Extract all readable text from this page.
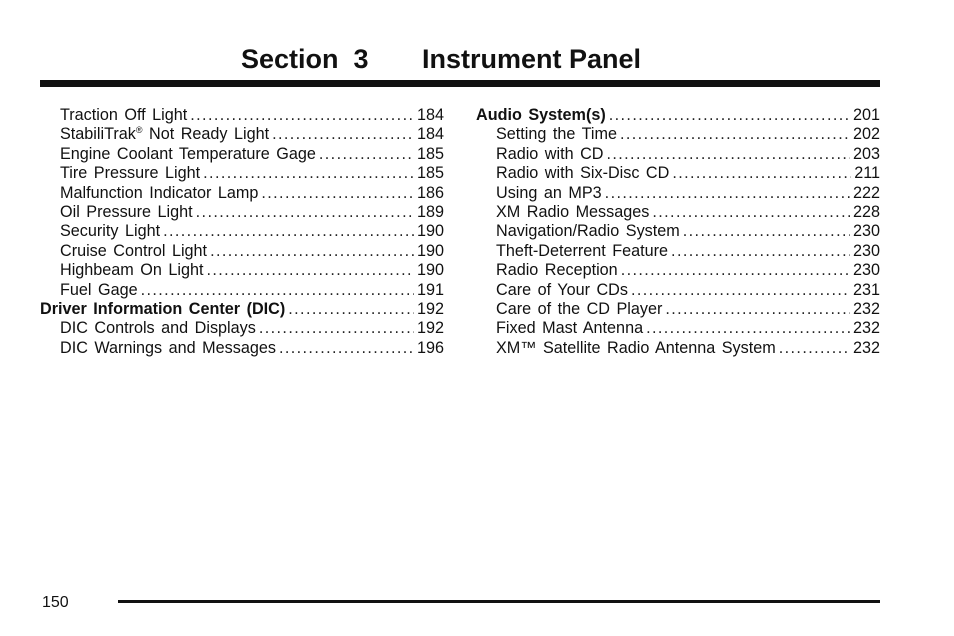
Section  3 Instrument Panel
Traction Off Light .....	184
StabiliTrak® Not Ready Light .....	184
Engine Coolant Temperature Gage .....	185
Tire Pressure Light .....	185
Malfunction Indicator Lamp .....	186
Oil Pressure Light .....	189
Security Light .....	190
Cruise Control Light .....	190
Highbeam On Light .....	190
Fuel Gage .....	191
Driver Information Center (DIC) .....	192
DIC Controls and Displays .....	192
DIC Warnings and Messages .....	196
Audio System(s) .....	201
Setting the Time .....	202
Radio with CD .....	203
Radio with Six-Disc CD .....	211
Using an MP3 .....	222
XM Radio Messages .....	228
Navigation/Radio System .....	230
Theft-Deterrent Feature .....	230
Radio Reception .....	230
Care of Your CDs .....	231
Care of the CD Player .....	232
Fixed Mast Antenna .....	232
XM™ Satellite Radio Antenna System .....	232
150
